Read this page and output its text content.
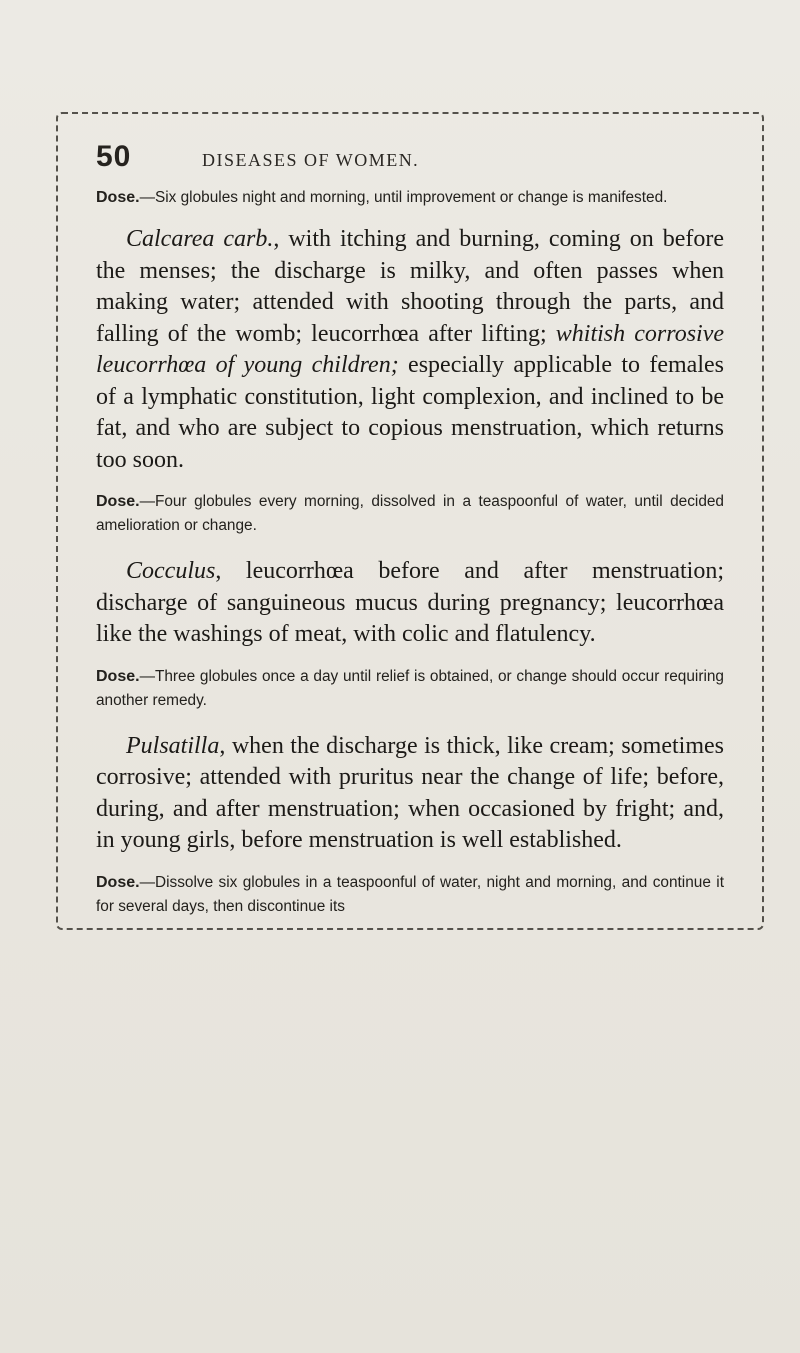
50	DISEASES OF WOMEN.

Dose.—Six globules night and morning, until improvement or change is manifested.

Calcarea carb., with itching and burning, coming on before the menses; the discharge is milky, and often passes when making water; attended with shooting through the parts, and falling of the womb; leucorrhœa after lifting; whitish corrosive leucorrhœa of young children; especially applicable to females of a lymphatic constitution, light complexion, and inclined to be fat, and who are subject to copious menstruation, which returns too soon.

Dose.—Four globules every morning, dissolved in a teaspoonful of water, until decided amelioration or change.

Cocculus, leucorrhœa before and after menstruation; discharge of sanguineous mucus during pregnancy; leucorrhœa like the washings of meat, with colic and flatulency.

Dose.—Three globules once a day until relief is obtained, or change should occur requiring another remedy.

Pulsatilla, when the discharge is thick, like cream; sometimes corrosive; attended with pruritus near the change of life; before, during, and after menstruation; when occasioned by fright; and, in young girls, before menstruation is well established.

Dose.—Dissolve six globules in a teaspoonful of water, night and morning, and continue it for several days, then discontinue its
